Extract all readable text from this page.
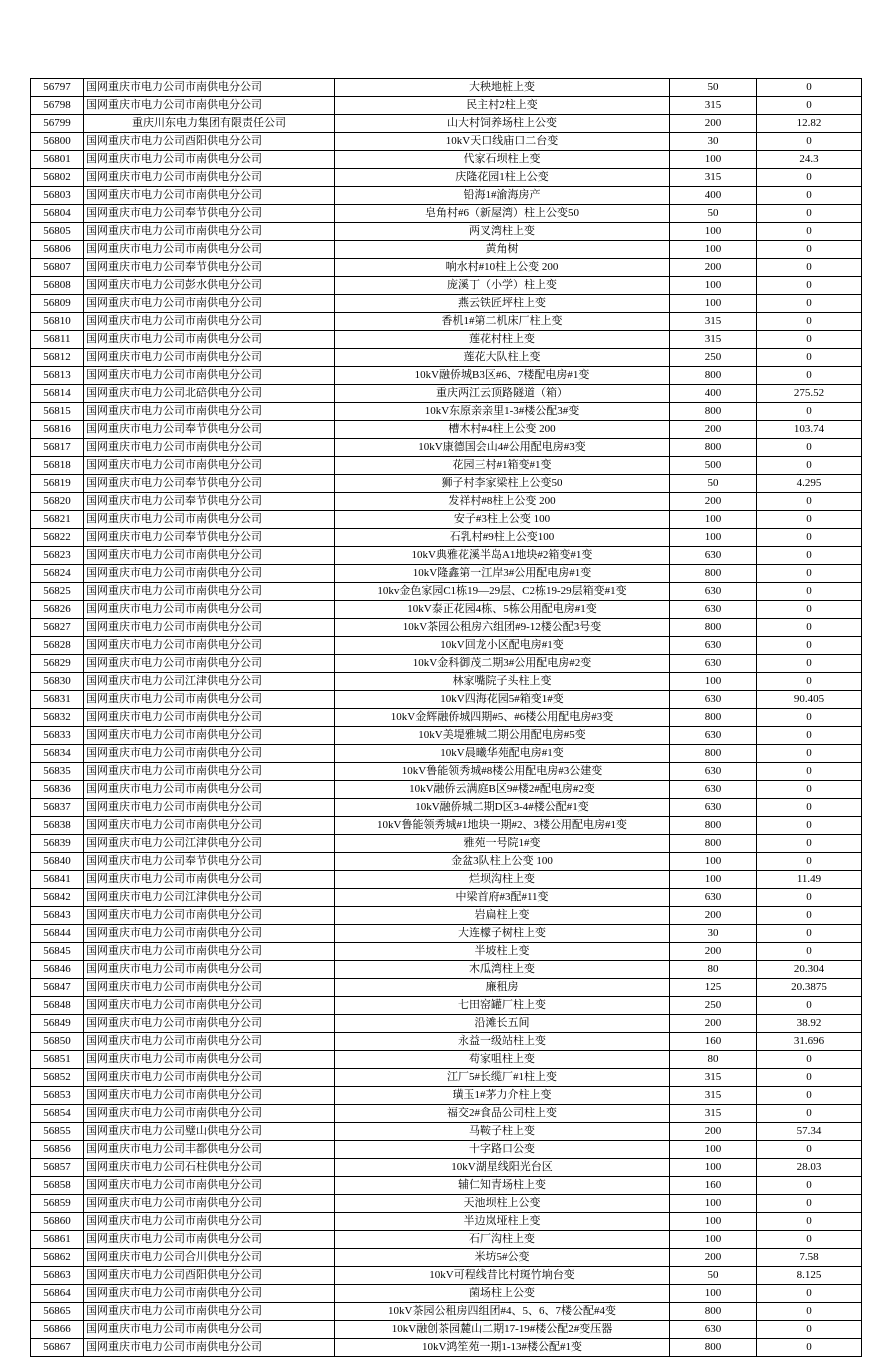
56797	国网重庆市电力公司市南供电分公司	大秧地桩上变	50	0
56798	国网重庆市电力公司市南供电分公司	民主村2柱上变	315	0
56799	重庆川东电力集团有限责任公司	山大村饲养场柱上公变	200	12.82
56800	国网重庆市电力公司酉阳供电分公司	10kV天口线庙口二台变	30	0
56801	国网重庆市电力公司市南供电分公司	代家石坝柱上变	100	24.3
56802	国网重庆市电力公司市南供电分公司	庆隆花园1柱上公变	315	0
56803	国网重庆市电力公司市南供电分公司	铅海1#渝海房产	400	0
56804	国网重庆市电力公司奉节供电分公司	皂角村#6（新屋湾）柱上公变50	50	0
56805	国网重庆市电力公司市南供电分公司	两叉湾柱上变	100	0
56806	国网重庆市电力公司市南供电分公司	黄角树	100	0
56807	国网重庆市电力公司奉节供电分公司	响水村#10柱上公变 200	200	0
56808	国网重庆市电力公司彭水供电分公司	庞溪丁（小学）柱上变	100	0
56809	国网重庆市电力公司市南供电分公司	燕云铁匠坪柱上变	100	0
56810	国网重庆市电力公司市南供电分公司	香机1#第二机床厂柱上变	315	0
56811	国网重庆市电力公司市南供电分公司	莲花村柱上变	315	0
56812	国网重庆市电力公司市南供电分公司	莲花大队柱上变	250	0
56813	国网重庆市电力公司市南供电分公司	10kV融侨城B3区#6、7楼配电房#1变	800	0
56814	国网重庆市电力公司北碚供电分公司	重庆两江云顶路隧道（箱）	400	275.52
56815	国网重庆市电力公司市南供电分公司	10kV东原亲亲里1-3#楼公配3#变	800	0
56816	国网重庆市电力公司奉节供电分公司	槽木村#4柱上公变 200	200	103.74
56817	国网重庆市电力公司市南供电分公司	10kV康德国会山4#公用配电房#3变	800	0
56818	国网重庆市电力公司市南供电分公司	花园三村#1箱变#1变	500	0
56819	国网重庆市电力公司奉节供电分公司	狮子村李家梁柱上公变50	50	4.295
56820	国网重庆市电力公司奉节供电分公司	发祥村#8柱上公变 200	200	0
56821	国网重庆市电力公司市南供电分公司	安子#3柱上公变 100	100	0
56822	国网重庆市电力公司奉节供电分公司	石乳村#9柱上公变100	100	0
56823	国网重庆市电力公司市南供电分公司	10kV典雅花溪半岛A1地块#2箱变#1变	630	0
56824	国网重庆市电力公司市南供电分公司	10kV隆鑫第一江岸3#公用配电房#1变	800	0
56825	国网重庆市电力公司市南供电分公司	10kv金色家园C1栋19—29层、C2栋19-29层箱变#1变	630	0
56826	国网重庆市电力公司市南供电分公司	10kV泰正花园4栋、5栋公用配电房#1变	630	0
56827	国网重庆市电力公司市南供电分公司	10kV茶园公租房六组团#9-12楼公配3号变	800	0
56828	国网重庆市电力公司市南供电分公司	10kV回龙小区配电房#1变	630	0
56829	国网重庆市电力公司市南供电分公司	10kV金科御茂二期3#公用配电房#2变	630	0
56830	国网重庆市电力公司江津供电分公司	林家嘴院子头柱上变	100	0
56831	国网重庆市电力公司市南供电分公司	10kV四海花园5#箱变1#变	630	90.405
56832	国网重庆市电力公司市南供电分公司	10kV金辉融侨城四期#5、#6楼公用配电房#3变	800	0
56833	国网重庆市电力公司市南供电分公司	10kV美堤雅城二期公用配电房#5变	630	0
56834	国网重庆市电力公司市南供电分公司	10kV晨曦华苑配电房#1变	800	0
56835	国网重庆市电力公司市南供电分公司	10kV鲁能领秀城#8楼公用配电房#3公建变	630	0
56836	国网重庆市电力公司市南供电分公司	10kV融侨云满庭B区9#楼2#配电房#2变	630	0
56837	国网重庆市电力公司市南供电分公司	10kV融侨城二期D区3-4#楼公配#1变	630	0
56838	国网重庆市电力公司市南供电分公司	10kV鲁能领秀城#1地块一期#2、3楼公用配电房#1变	800	0
56839	国网重庆市电力公司江津供电分公司	雅苑一号院1#变	800	0
56840	国网重庆市电力公司奉节供电分公司	金盆3队柱上公变 100	100	0
56841	国网重庆市电力公司市南供电分公司	烂坝沟柱上变	100	11.49
56842	国网重庆市电力公司江津供电分公司	中梁首府#3配#11变	630	0
56843	国网重庆市电力公司市南供电分公司	岩扁柱上变	200	0
56844	国网重庆市电力公司市南供电分公司	大连檬子树柱上变	30	0
56845	国网重庆市电力公司市南供电分公司	半坡柱上变	200	0
56846	国网重庆市电力公司市南供电分公司	木瓜湾柱上变	80	20.304
56847	国网重庆市电力公司市南供电分公司	廉租房	125	20.3875
56848	国网重庆市电力公司市南供电分公司	七田窑罐厂柱上变	250	0
56849	国网重庆市电力公司市南供电分公司	沿滩长五间	200	38.92
56850	国网重庆市电力公司市南供电分公司	永益一级站柱上变	160	31.696
56851	国网重庆市电力公司市南供电分公司	苟家咀柱上变	80	0
56852	国网重庆市电力公司市南供电分公司	江厂5#长缆厂#1柱上变	315	0
56853	国网重庆市电力公司市南供电分公司	璜玉1#茅力介柱上变	315	0
56854	国网重庆市电力公司市南供电分公司	福交2#食品公司柱上变	315	0
56855	国网重庆市电力公司璧山供电分公司	马鞍子柱上变	200	57.34
56856	国网重庆市电力公司丰都供电分公司	十字路口公变	100	0
56857	国网重庆市电力公司石柱供电分公司	10kV湖星线阳光台区	100	28.03
56858	国网重庆市电力公司市南供电分公司	辅仁知青场柱上变	160	0
56859	国网重庆市电力公司市南供电分公司	天池坝柱上公变	100	0
56860	国网重庆市电力公司市南供电分公司	半边岚垭柱上变	100	0
56861	国网重庆市电力公司市南供电分公司	石厂沟柱上变	100	0
56862	国网重庆市电力公司合川供电分公司	米坊5#公变	200	7.58
56863	国网重庆市电力公司酉阳供电分公司	10kV可程线昔比村斑竹垧台变	50	8.125
56864	国网重庆市电力公司市南供电分公司	菌场柱上公变	100	0
56865	国网重庆市电力公司市南供电分公司	10kV茶园公租房四组团#4、5、6、7楼公配#4变	800	0
56866	国网重庆市电力公司市南供电分公司	10kV融创茶园麓山二期17-19#楼公配2#变压器	630	0
56867	国网重庆市电力公司市南供电分公司	10kV鸿笙苑一期1-13#楼公配#1变	800	0
